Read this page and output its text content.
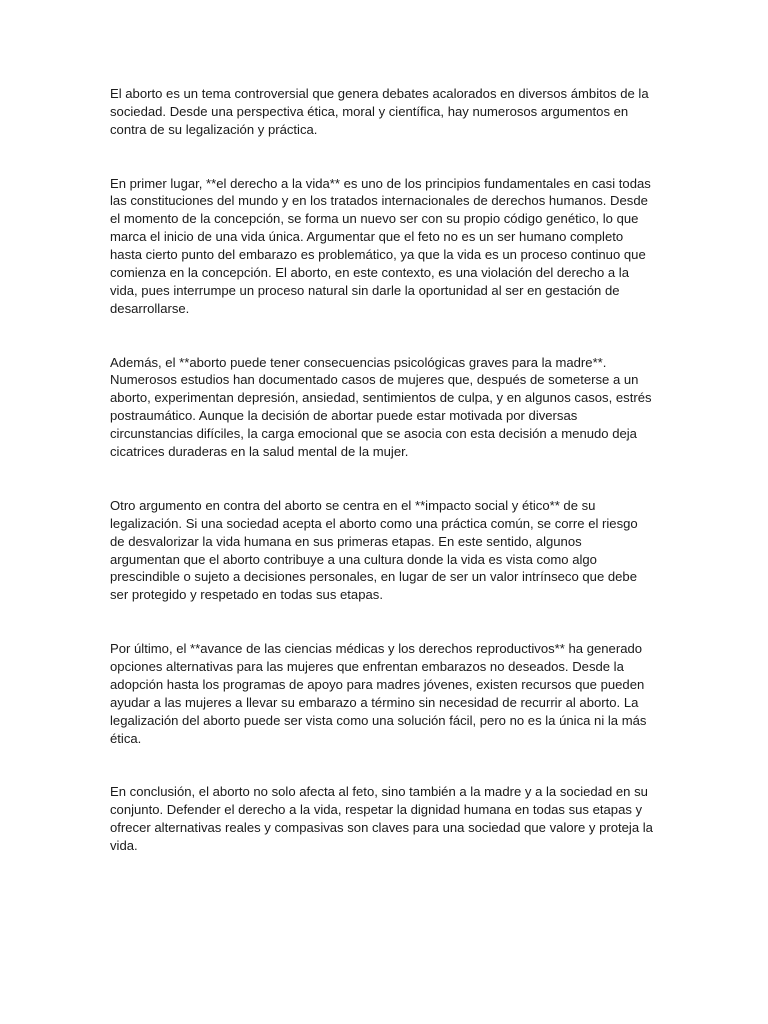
El aborto es un tema controversial que genera debates acalorados en diversos ámbitos de la sociedad. Desde una perspectiva ética, moral y científica, hay numerosos argumentos en contra de su legalización y práctica.

En primer lugar, **el derecho a la vida** es uno de los principios fundamentales en casi todas las constituciones del mundo y en los tratados internacionales de derechos humanos. Desde el momento de la concepción, se forma un nuevo ser con su propio código genético, lo que marca el inicio de una vida única. Argumentar que el feto no es un ser humano completo hasta cierto punto del embarazo es problemático, ya que la vida es un proceso continuo que comienza en la concepción. El aborto, en este contexto, es una violación del derecho a la vida, pues interrumpe un proceso natural sin darle la oportunidad al ser en gestación de desarrollarse.

Además, el **aborto puede tener consecuencias psicológicas graves para la madre**. Numerosos estudios han documentado casos de mujeres que, después de someterse a un aborto, experimentan depresión, ansiedad, sentimientos de culpa, y en algunos casos, estrés postraumático. Aunque la decisión de abortar puede estar motivada por diversas circunstancias difíciles, la carga emocional que se asocia con esta decisión a menudo deja cicatrices duraderas en la salud mental de la mujer.

Otro argumento en contra del aborto se centra en el **impacto social y ético** de su legalización. Si una sociedad acepta el aborto como una práctica común, se corre el riesgo de desvalorizar la vida humana en sus primeras etapas. En este sentido, algunos argumentan que el aborto contribuye a una cultura donde la vida es vista como algo prescindible o sujeto a decisiones personales, en lugar de ser un valor intrínseco que debe ser protegido y respetado en todas sus etapas.

Por último, el **avance de las ciencias médicas y los derechos reproductivos** ha generado opciones alternativas para las mujeres que enfrentan embarazos no deseados. Desde la adopción hasta los programas de apoyo para madres jóvenes, existen recursos que pueden ayudar a las mujeres a llevar su embarazo a término sin necesidad de recurrir al aborto. La legalización del aborto puede ser vista como una solución fácil, pero no es la única ni la más ética.

En conclusión, el aborto no solo afecta al feto, sino también a la madre y a la sociedad en su conjunto. Defender el derecho a la vida, respetar la dignidad humana en todas sus etapas y ofrecer alternativas reales y compasivas son claves para una sociedad que valore y proteja la vida.
